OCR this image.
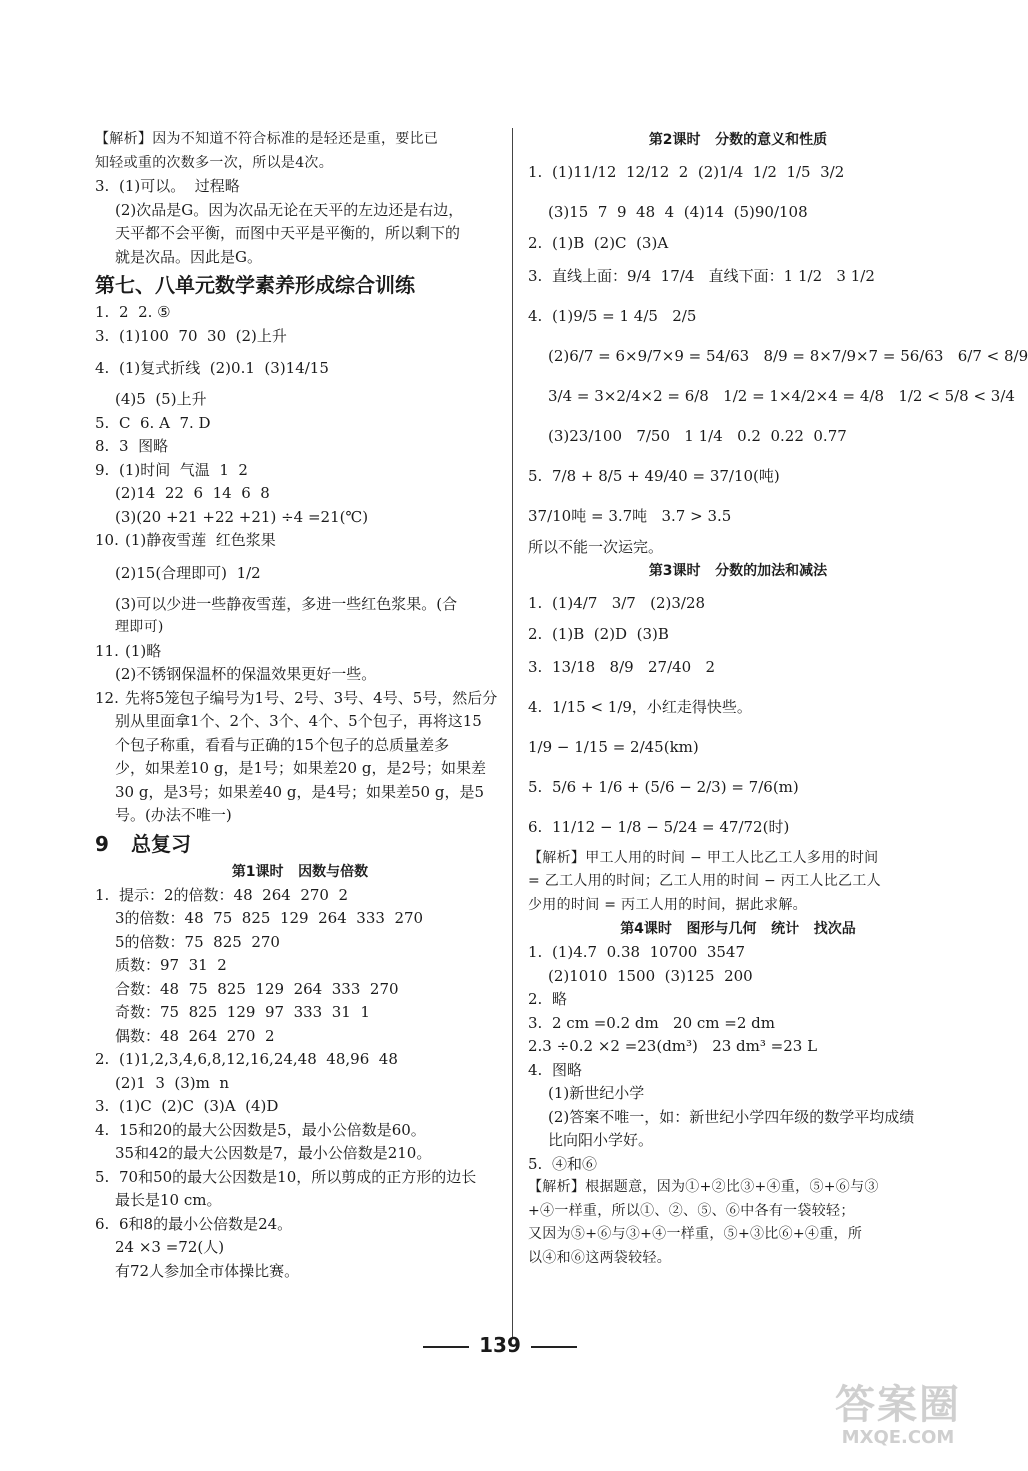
【解析】因为不知道不符合标准的是轻还是重，要比已
知轻或重的次数多一次，所以是4次。
3. (1)可以。  过程略
(2)次品是G。因为次品无论在天平的左边还是右边，
天平都不会平衡，而图中天平是平衡的，所以剩下的
就是次品。因此是G。
第七、八单元数学素养形成综合训练
1. 2  2. ⑤
3. (1)100  70  30  (2)上升
4. (1)复式折线  (2)0.1  (3)14/15
(4)5  (5)上升
5. C  6. A  7. D
8. 3  图略
9. (1)时间  气温  1  2
(2)14  22  6  14  6  8
(3)(20 +21 +22 +21) ÷4 =21(℃)
10. (1)静夜雪莲  红色浆果
(2)15(合理即可)  1/2
(3)可以少进一些静夜雪莲，多进一些红色浆果。(合
理即可)
11. (1)略
(2)不锈钢保温杯的保温效果更好一些。
12. 先将5笼包子编号为1号、2号、3号、4号、5号，然后分
别从里面拿1个、2个、3个、4个、5个包子，再将这15
个包子称重，看看与正确的15个包子的总质量差多
少，如果差10 g，是1号；如果差20 g，是2号；如果差
30 g，是3号；如果差40 g，是4号；如果差50 g，是5
号。(办法不唯一)
9 总复习
第1课时   因数与倍数
1. 提示：2的倍数：48  264  270  2
3的倍数：48  75  825  129  264  333  270
5的倍数：75  825  270
质数：97  31  2
合数：48  75  825  129  264  333  270
奇数：75  825  129  97  333  31  1
偶数：48  264  270  2
2. (1)1,2,3,4,6,8,12,16,24,48  48,96  48
(2)1  3  (3)m  n
3. (1)C  (2)C  (3)A  (4)D
4. 15和20的最大公因数是5，最小公倍数是60。
35和42的最大公因数是7，最小公倍数是210。
5. 70和50的最大公因数是10，所以剪成的正方形的边长
最长是10 cm。
6. 6和8的最小公倍数是24。
24 ×3 =72(人)
有72人参加全市体操比赛。
第2课时   分数的意义和性质
1. (1)11/12  12/12  2  (2)1/4  1/2  1/5  3/2
(3)15  7  9  48  4  (4)14  (5)90/108
2. (1)B  (2)C  (3)A
3. 直线上面：9/4  17/4   直线下面：1 1/2   3 1/2
4. (1)9/5 = 1 4/5   2/5
(2)6/7 = 6×9/7×9 = 54/63   8/9 = 8×7/9×7 = 56/63   6/7 < 8/9
3/4 = 3×2/4×2 = 6/8   1/2 = 1×4/2×4 = 4/8   1/2 < 5/8 < 3/4
(3)23/100   7/50   1 1/4   0.2  0.22  0.77
5. 7/8 + 8/5 + 49/40 = 37/10(吨)
37/10吨 = 3.7吨   3.7 > 3.5
所以不能一次运完。
第3课时   分数的加法和减法
1. (1)4/7   3/7   (2)3/28
2. (1)B  (2)D  (3)B
3. 13/18   8/9   27/40   2
4. 1/15 < 1/9，小红走得快些。
1/9 − 1/15 = 2/45(km)
5. 5/6 + 1/6 + (5/6 − 2/3) = 7/6(m)
6. 11/12 − 1/8 − 5/24 = 47/72(时)
【解析】甲工人用的时间 − 甲工人比乙工人多用的时间
= 乙工人用的时间；乙工人用的时间 − 丙工人比乙工人
少用的时间 = 丙工人用的时间，据此求解。
第4课时   图形与几何   统计   找次品
1. (1)4.7  0.38  10700  3547
(2)1010  1500  (3)125  200
2. 略
3. 2 cm =0.2 dm   20 cm =2 dm
2.3 ÷0.2 ×2 =23(dm³)   23 dm³ =23 L
4. 图略
(1)新世纪小学
(2)答案不唯一，如：新世纪小学四年级的数学平均成绩
比向阳小学好。
5. ④和⑥
【解析】根据题意，因为①+②比③+④重，⑤+⑥与③
+④一样重，所以①、②、⑤、⑥中各有一袋较轻；
又因为⑤+⑥与③+④一样重，⑤+③比⑥+④重，所
以④和⑥这两袋较轻。
139
答案圈
MXQE.COM
